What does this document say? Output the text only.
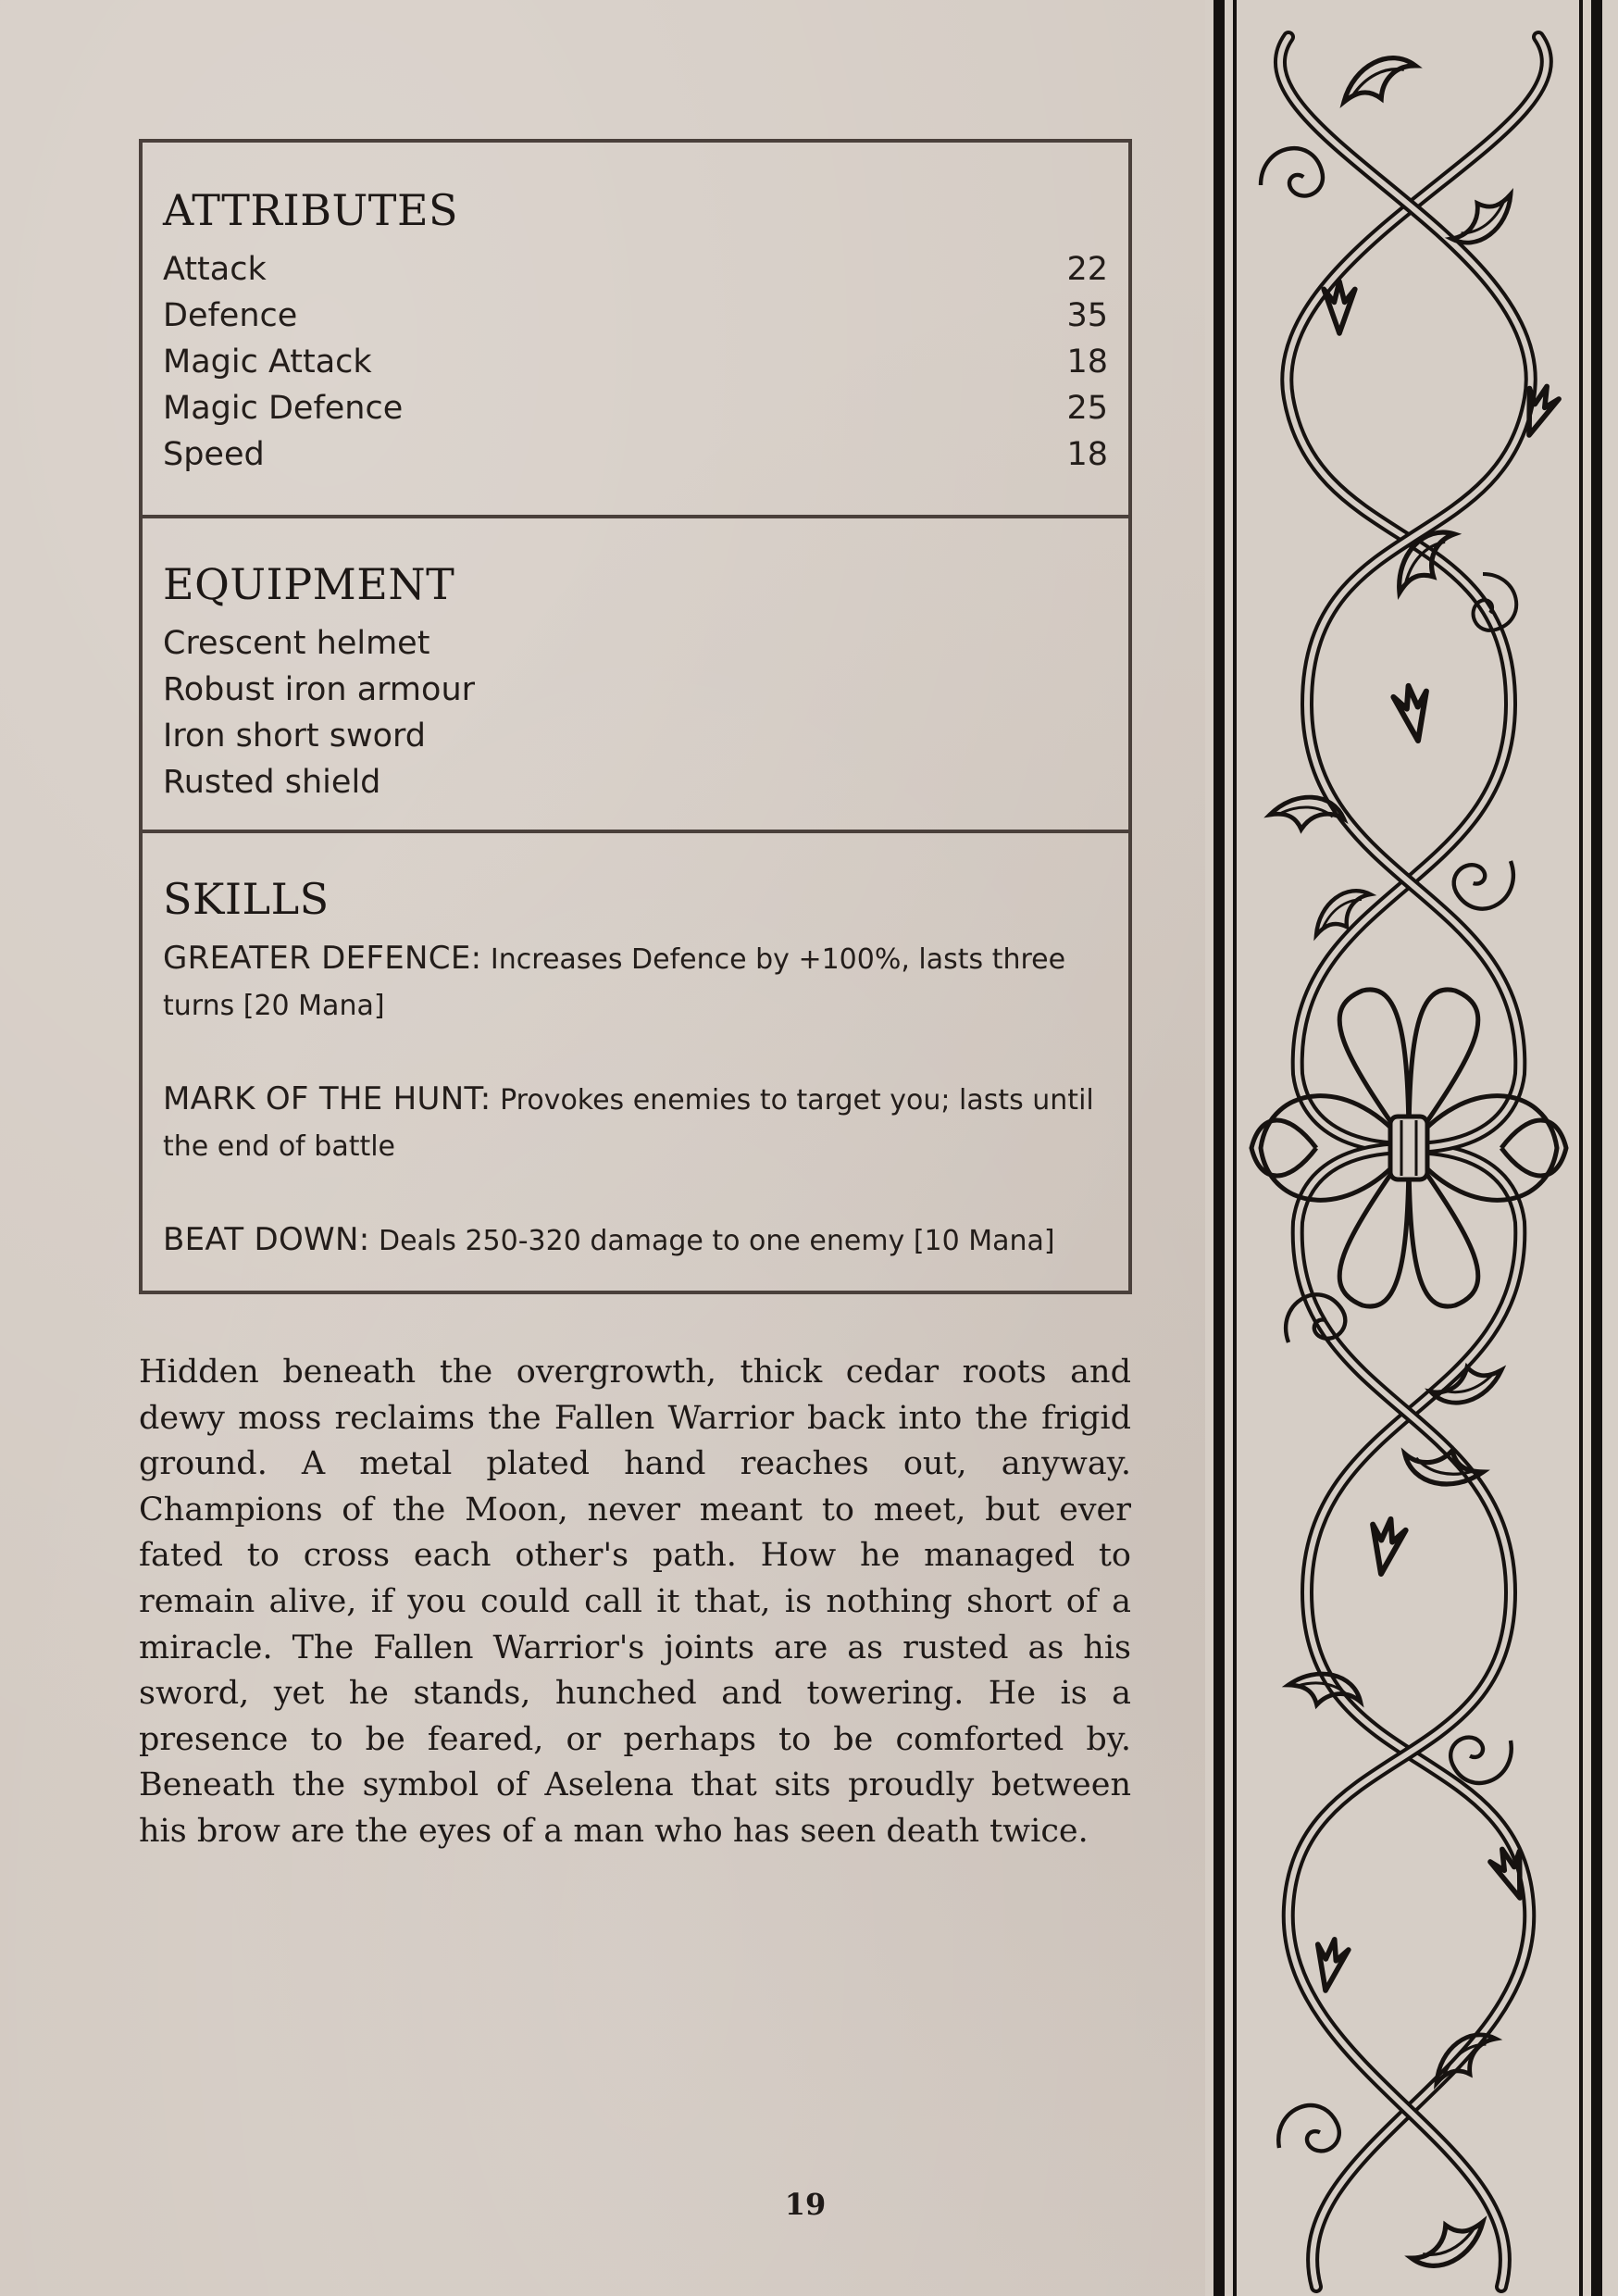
ATTRIBUTES
Attack	22
Defence	35
Magic Attack	18
Magic Defence	25
Speed	18
EQUIPMENT
Crescent helmet
Robust iron armour
Iron short sword
Rusted shield
SKILLS

GREATER DEFENCE: Increases Defence by +100%, lasts three turns [20 Mana]

MARK OF THE HUNT: Provokes enemies to target you; lasts until the end of battle

BEAT DOWN: Deals 250-320 damage to one enemy [10 Mana]

Hidden beneath the overgrowth, thick cedar roots and dewy moss reclaims the Fallen Warrior back into the frigid ground. A metal plated hand reaches out, anyway. Champions of the Moon, never meant to meet, but ever fated to cross each other's path. How he managed to remain alive, if you could call it that, is nothing short of a miracle. The Fallen Warrior's joints are as rusted as his sword, yet he stands, hunched and towering. He is a presence to be feared, or perhaps to be comforted by. Beneath the symbol of Aselena that sits proudly between his brow are the eyes of a man who has seen death twice.

19
